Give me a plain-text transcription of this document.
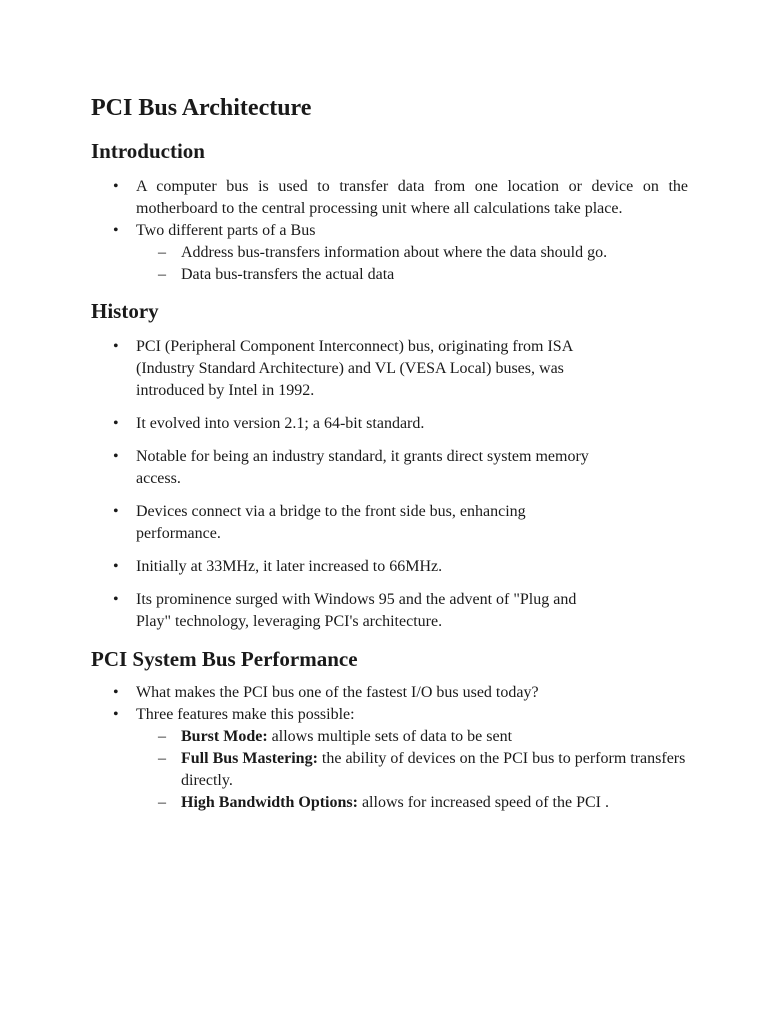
PCI Bus Architecture
Introduction
• A computer bus is used to transfer data from one location or device on the motherboard to the central processing unit where all calculations take place.
• Two different parts of a Bus
– Address bus-transfers information about where the data should go.
– Data bus-transfers the actual data
History
• PCI (Peripheral Component Interconnect) bus, originating from ISA (Industry Standard Architecture) and VL (VESA Local) buses, was introduced by Intel in 1992.
• It evolved into version 2.1; a 64-bit standard.
• Notable for being an industry standard, it grants direct system memory access.
• Devices connect via a bridge to the front side bus, enhancing performance.
• Initially at 33MHz, it later increased to 66MHz.
• Its prominence surged with Windows 95 and the advent of "Plug and Play" technology, leveraging PCI's architecture.
PCI System Bus Performance
• What makes the PCI bus one of the fastest I/O bus used today?
• Three features make this possible:
– Burst Mode: allows multiple sets of data to be sent
– Full Bus Mastering: the ability of devices on the PCI bus to perform transfers directly.
– High Bandwidth Options: allows for increased speed of the PCI .
